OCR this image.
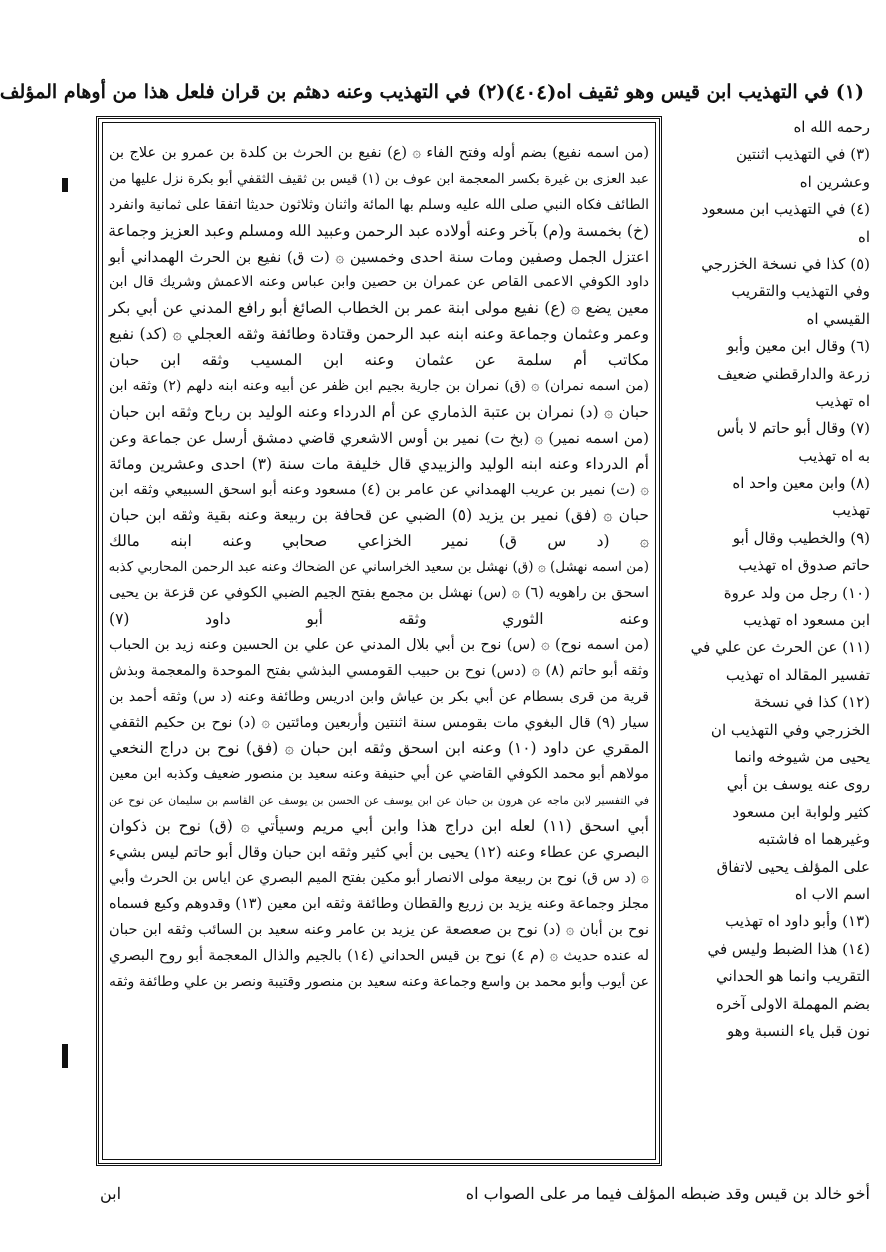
(١) في التهذيب ابن قيس وهو ثقيف اه
(٤٠٤)
(٢) في التهذيب وعنه دهثم بن قران فلعل هذا من أوهام المؤلف
(من اسمه نفيع) بضم أوله وفتح الفاء ۞ (ع) نفيع بن الحرث بن كلدة بن عمرو بن علاج بن
عبد العزى بن غيرة بكسر المعجمة ابن عوف بن (١) قيس بن ثقيف الثقفي أبو بكرة نزل عليها من
الطائف فكاه النبي صلى الله عليه وسلم بها المائة واثنان وثلاثون حديثا اتفقا على ثمانية وانفرد
(خ) بخمسة و(م) بآخر وعنه أولاده عبد الرحمن وعبيد الله ومسلم وعبد العزيز وجماعة
اعتزل الجمل وصفين ومات سنة احدى وخمسين ۞ (ت ق) نفيع بن الحرث الهمداني أبو
داود الكوفي الاعمى القاص عن عمران بن حصين وابن عباس وعنه الاعمش وشريك قال ابن
معين يضع ۞ (ع) نفيع مولى ابنة عمر بن الخطاب الصائغ أبو رافع المدني عن أبي بكر
وعمر وعثمان وجماعة وعنه ابنه عبد الرحمن وقتادة وطائفة وثقه العجلي ۞ (كد) نفيع
مكاتب أم سلمة عن عثمان وعنه ابن المسيب وثقه ابن حبان
(من اسمه نمران) ۞ (ق) نمران بن جارية بجيم ابن ظفر عن أبيه وعنه ابنه دلهم (٢) وثقه ابن
حبان ۞ (د) نمران بن عتبة الذماري عن أم الدرداء وعنه الوليد بن رباح وثقه ابن حبان
(من اسمه نمير) ۞ (بخ ت) نمير بن أوس الاشعري قاضي دمشق أرسل عن جماعة وعن
أم الدرداء وعنه ابنه الوليد والزبيدي قال خليفة مات سنة (٣) احدى وعشرين ومائة
۞ (ت) نمير بن عريب الهمداني عن عامر بن (٤) مسعود وعنه أبو اسحق السبيعي وثقه ابن
حبان ۞ (فق) نمير بن يزيد (٥) الضبي عن قحافة بن ربيعة وعنه بقية وثقه ابن حبان
۞ (د س ق) نمير الخزاعي صحابي وعنه ابنه مالك
(من اسمه نهشل) ۞ (ق) نهشل بن سعيد الخراساني عن الضحاك وعنه عبد الرحمن المحاربي كذبه
اسحق بن راهويه (٦) ۞ (س) نهشل بن مجمع بفتح الجيم الضبي الكوفي عن قزعة بن يحيى
وعنه الثوري وثقه أبو داود (٧)
(من اسمه نوح) ۞ (س) نوح بن أبي بلال المدني عن علي بن الحسين وعنه زيد بن الحباب
وثقه أبو حاتم (٨) ۞ (دس) نوح بن حبيب القومسي البذشي بفتح الموحدة والمعجمة وبذش
قرية من قرى بسطام عن أبي بكر بن عياش وابن ادريس وطائفة وعنه (د س) وثقه أحمد بن
سيار (٩) قال البغوي مات بقومس سنة اثنتين وأربعين ومائتين ۞ (د) نوح بن حكيم الثقفي
المقري عن داود (١٠) وعنه ابن اسحق وثقه ابن حبان ۞ (فق) نوح بن دراج النخعي
مولاهم أبو محمد الكوفي القاضي عن أبي حنيفة وعنه سعيد بن منصور ضعيف وكذبه ابن معين
في التفسير لابن ماجه عن هرون بن حبان عن ابن يوسف عن الحسن بن يوسف عن القاسم بن سليمان عن نوح عن
أبي اسحق (١١) لعله ابن دراج هذا وابن أبي مريم وسيأتي ۞ (ق) نوح بن ذكوان
البصري عن عطاء وعنه (١٢) يحيى بن أبي كثير وثقه ابن حبان وقال أبو حاتم ليس بشيء
۞ (د س ق) نوح بن ربيعة مولى الانصار أبو مكين بفتح الميم البصري عن اياس بن الحرث وأبي
مجلز وجماعة وعنه يزيد بن زريع والقطان وطائفة وثقه ابن معين (١٣) وقدوهم وكيع فسماه
نوح بن أبان ۞ (د) نوح بن صعصعة عن يزيد بن عامر وعنه سعيد بن السائب وثقه ابن حبان
له عنده حديث ۞ (م ٤) نوح بن قيس الحداني (١٤) بالجيم والذال المعجمة أبو روح البصري
عن أيوب وأبو محمد بن واسع وجماعة وعنه سعيد بن منصور وقتيبة ونصر بن علي وطائفة وثقه
رحمه الله اه
(٣) في التهذيب اثنتين
وعشرين اه
(٤) في التهذيب ابن مسعود
اه
(٥) كذا في نسخة الخزرجي
وفي التهذيب والتقريب
القيسي اه
(٦) وقال ابن معين وأبو
زرعة والدارقطني ضعيف
اه تهذيب
(٧) وقال أبو حاتم لا بأس
به اه تهذيب
(٨) وابن معين واحد اه
تهذيب
(٩) والخطيب وقال أبو
حاتم صدوق اه تهذيب
(١٠) رجل من ولد عروة
ابن مسعود اه تهذيب
(١١) عن الحرث عن علي في
تفسير المقالد اه تهذيب
(١٢) كذا في نسخة
الخزرجي وفي التهذيب ان
يحيى من شيوخه وانما
روى عنه يوسف بن أبي
كثير ولوابة ابن مسعود
وغيرهما اه فاشتبه
على المؤلف يحيى لاتفاق
اسم الاب اه
(١٣) وأبو داود اه تهذيب
(١٤) هذا الضبط وليس في
التقريب وانما هو الحداني
بضم المهملة الاولى آخره
نون قبل ياء النسبة وهو
أخو خالد بن قيس وقد ضبطه المؤلف فيما مر على الصواب اه
ابن
